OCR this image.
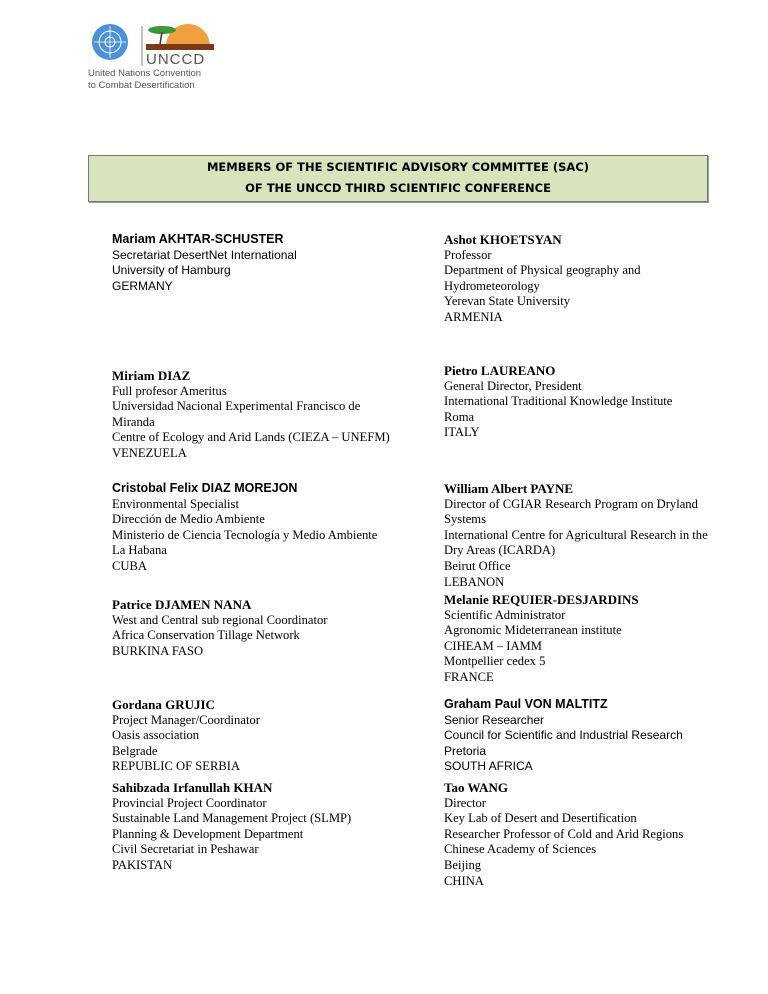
UNCCD
United Nations Convention
to Combat Desertification
MEMBERS OF THE SCIENTIFIC ADVISORY COMMITTEE (SAC)
OF THE UNCCD THIRD SCIENTIFIC CONFERENCE
Mariam AKHTAR-SCHUSTER
Secretariat DesertNet International
University of Hamburg
GERMANY
Miriam DIAZ
Full profesor Ameritus
Universidad Nacional Experimental Francisco de
Miranda
Centre of Ecology and Arid Lands (CIEZA – UNEFM)
VENEZUELA
Cristobal Felix DIAZ MOREJON
Environmental Specialist
Dirección de Medio Ambiente
Ministerio de Ciencia Tecnología y Medio Ambiente
La Habana
CUBA
Patrice DJAMEN NANA
West and Central sub regional Coordinator
Africa Conservation Tillage Network
BURKINA FASO
Gordana GRUJIC
Project Manager/Coordinator
Oasis association
Belgrade
REPUBLIC OF SERBIA
Sahibzada Irfanullah KHAN
Provincial Project Coordinator
Sustainable Land Management Project (SLMP)
Planning & Development Department
Civil Secretariat in Peshawar
PAKISTAN
Ashot KHOETSYAN
Professor
Department of Physical geography and
Hydrometeorology
Yerevan State University
ARMENIA
Pietro LAUREANO
General Director, President
International Traditional Knowledge Institute
Roma
ITALY
William Albert PAYNE
Director of CGIAR Research Program on Dryland
Systems
International Centre for Agricultural Research in the
Dry Areas (ICARDA)
Beirut Office
LEBANON
Melanie REQUIER-DESJARDINS
Scientific Administrator
Agronomic Mideterranean institute
CIHEAM – IAMM
Montpellier cedex 5
FRANCE
Graham Paul VON MALTITZ
Senior Researcher
Council for Scientific and Industrial Research
Pretoria
SOUTH AFRICA
Tao WANG
Director
Key Lab of Desert and Desertification
Researcher Professor of Cold and Arid Regions
Chinese Academy of Sciences
Beijing
CHINA
